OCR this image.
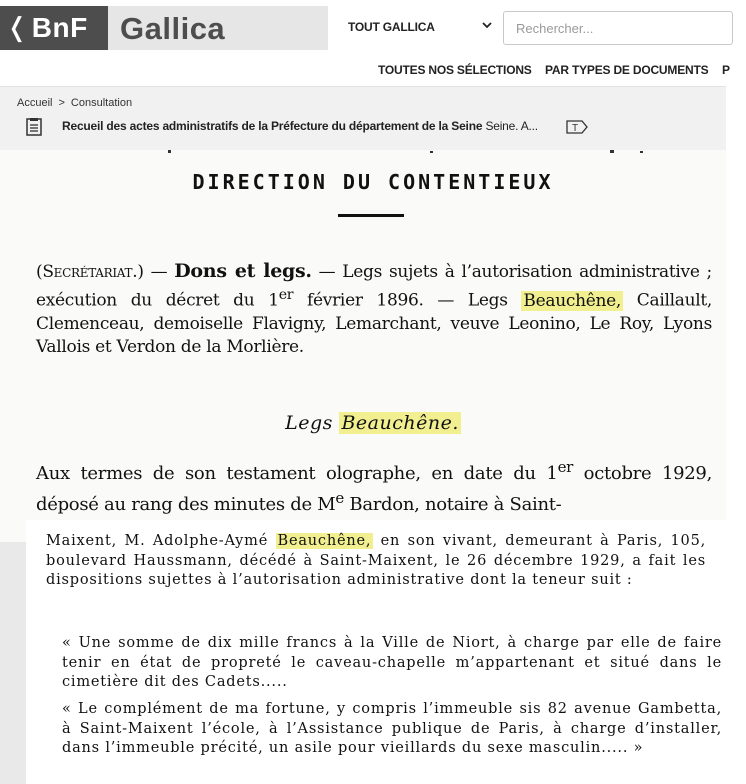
❬ BnF Gallica	TOUT GALLICA
Rechercher...
TOUTES NOS SÉLECTIONS PAR TYPES DE DOCUMENTS P
Accueil > Consultation
Recueil des actes administratifs de la Préfecture du département de la Seine Seine. A...	T
DIRECTION DU CONTENTIEUX
(Secrétariat.) — Dons et legs. — Legs sujets à l’autorisation administrative ; exécution du décret du 1er février 1896. — Legs Beauchêne, Caillault, Clemenceau, demoiselle Flavigny, Lemarchant, veuve Leonino, Le Roy, Lyons Vallois et Verdon de la Morlière.
Legs Beauchêne.
Aux termes de son testament olographe, en date du 1er octobre 1929, déposé au rang des minutes de Me Bardon, notaire à Saint-
Maixent, M. Adolphe-Aymé Beauchêne, en son vivant, demeurant à Paris, 105, boulevard Haussmann, décédé à Saint-Maixent, le 26 décembre 1929, a fait les dispositions sujettes à l’autorisation administrative dont la teneur suit :
« Une somme de dix mille francs à la Ville de Niort, à charge par elle de faire tenir en état de propreté le caveau-chapelle m’appartenant et situé dans le cimetière dit des Cadets.....
« Le complément de ma fortune, y compris l’immeuble sis 82 avenue Gambetta, à Saint-Maixent l’école, à l’Assistance publique de Paris, à charge d’installer, dans l’immeuble précité, un asile pour vieillards du sexe masculin..... »
